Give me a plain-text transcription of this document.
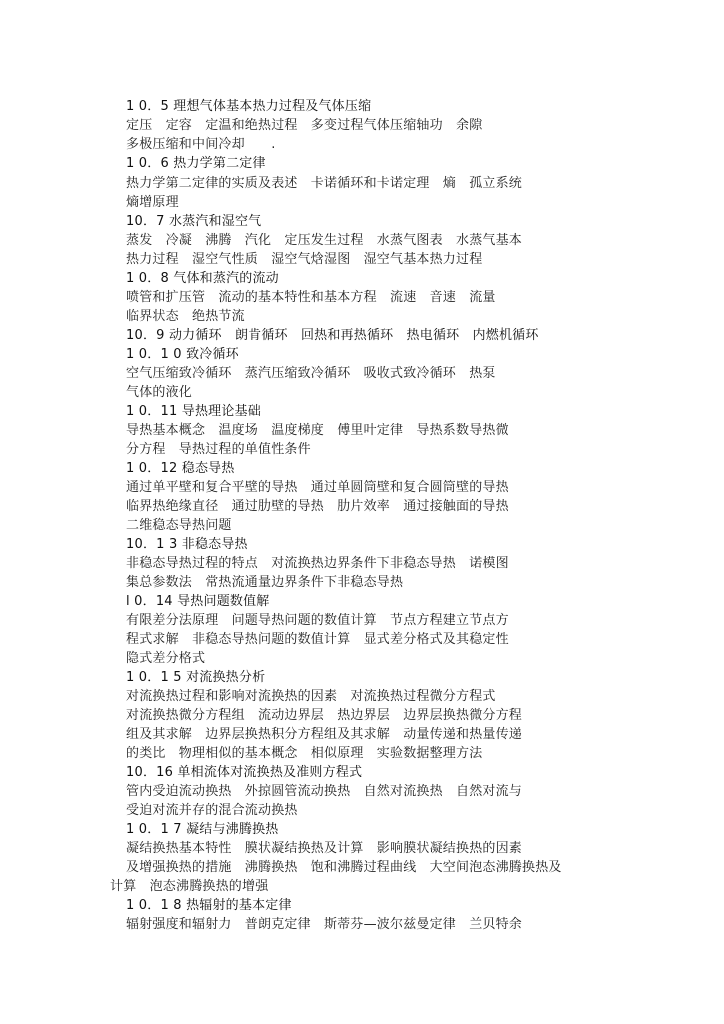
1 0．5 理想气体基本热力过程及气体压缩
定压　定容　定温和绝热过程　多变过程气体压缩轴功　余隙
多极压缩和中间冷却　　.
1 0．6 热力学第二定律
热力学第二定律的实质及表述　卡诺循环和卡诺定理　熵　孤立系统
熵增原理
10．7 水蒸汽和湿空气
蒸发　冷凝　沸腾　汽化　定压发生过程　水蒸气图表　水蒸气基本
热力过程　湿空气性质　湿空气焓湿图　湿空气基本热力过程
1 0．8 气体和蒸汽的流动
喷管和扩压管　流动的基本特性和基本方程　流速　音速　流量
临界状态　绝热节流
10．9 动力循环　朗肯循环　回热和再热循环　热电循环　内燃机循环
1 0．1 0 致冷循环
空气压缩致冷循环　蒸汽压缩致冷循环　吸收式致冷循环　热泵
气体的液化
1 0．11 导热理论基础
导热基本概念　温度场　温度梯度　傅里叶定律　导热系数导热微
分方程　导热过程的单值性条件
1 0．12 稳态导热
通过单平壁和复合平壁的导热　通过单圆筒壁和复合圆筒壁的导热
临界热绝缘直径　通过肋壁的导热　肋片效率　通过接触面的导热
二维稳态导热问题
10．1 3 非稳态导热
非稳态导热过程的特点　对流换热边界条件下非稳态导热　诺模图
集总参数法　常热流通量边界条件下非稳态导热
l 0．14 导热问题数值解
有限差分法原理　问题导热问题的数值计算　节点方程建立节点方
程式求解　非稳态导热问题的数值计算　显式差分格式及其稳定性
隐式差分格式
1 0．1 5 对流换热分析
对流换热过程和影响对流换热的因素　对流换热过程微分方程式
对流换热微分方程组　流动边界层　热边界层　边界层换热微分方程
组及其求解　边界层换热积分方程组及其求解　动量传递和热量传递
的类比　物理相似的基本概念　相似原理　实验数据整理方法
10．16 单相流体对流换热及准则方程式
管内受迫流动换热　外掠圆管流动换热　自然对流换热　自然对流与
受迫对流并存的混合流动换热
1 0．1 7 凝结与沸腾换热
凝结换热基本特性　膜状凝结换热及计算　影响膜状凝结换热的因素
及增强换热的措施　沸腾换热　饱和沸腾过程曲线　大空间泡态沸腾换热及
计算　泡态沸腾换热的增强
1 0．1 8 热辐射的基本定律
辐射强度和辐射力　普朗克定律　斯蒂芬—波尔兹曼定律　兰贝特余
